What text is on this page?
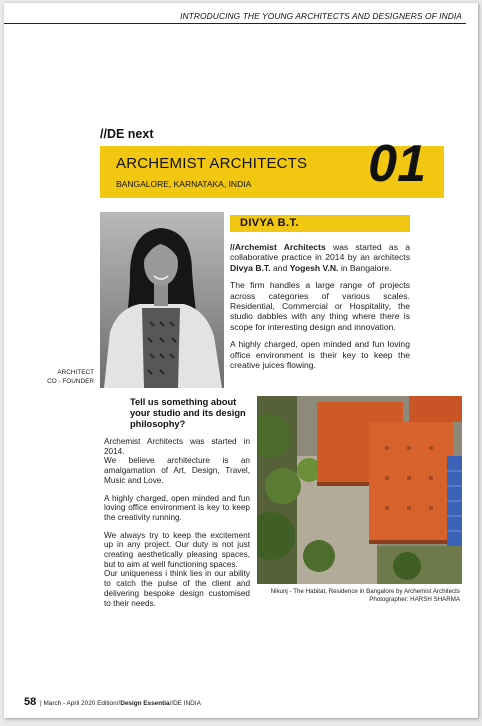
INTRODUCING THE YOUNG ARCHITECTS AND DESIGNERS OF INDIA
//DE next
ARCHEMIST ARCHITECTS
BANGALORE, KARNATAKA, INDIA 01
ARCHITECT
CO - FOUNDER
DIVYA B.T.

//Archemist Architects was started as a collaborative practice in 2014 by an architects Divya B.T. and Yogesh V.N. in Bangalore.

The firm handles a large range of projects across categories of various scales. Residential, Commercial or Hospitality, the studio dabbles with any thing where there is scope for interesting design and innovation.

A highly charged, open minded and fun loving office environment is their key to keep the creative juices flowing.

Tell us something about your studio and its design philosophy?

Archemist Architects was started in 2014.
We believe architecture is an amalgamation of Art, Design, Travel, Music and Love.

A highly charged, open minded and fun loving office environment is key to keep the creativity running.

We always try to keep the excitement up in any project. Our duty is not just creating aesthetically pleasing spaces, but to aim at well functioning spaces.
Our uniqueness i think lies in our ability to catch the pulse of the client and delivering bespoke design customised to their needs.

Nikunj - The Habitat, Residence in Bangalore by Archemist Architects
Photographer: HARSH SHARMA
58 | March - April 2020 Edition//Design Essentia//DE INDIA
